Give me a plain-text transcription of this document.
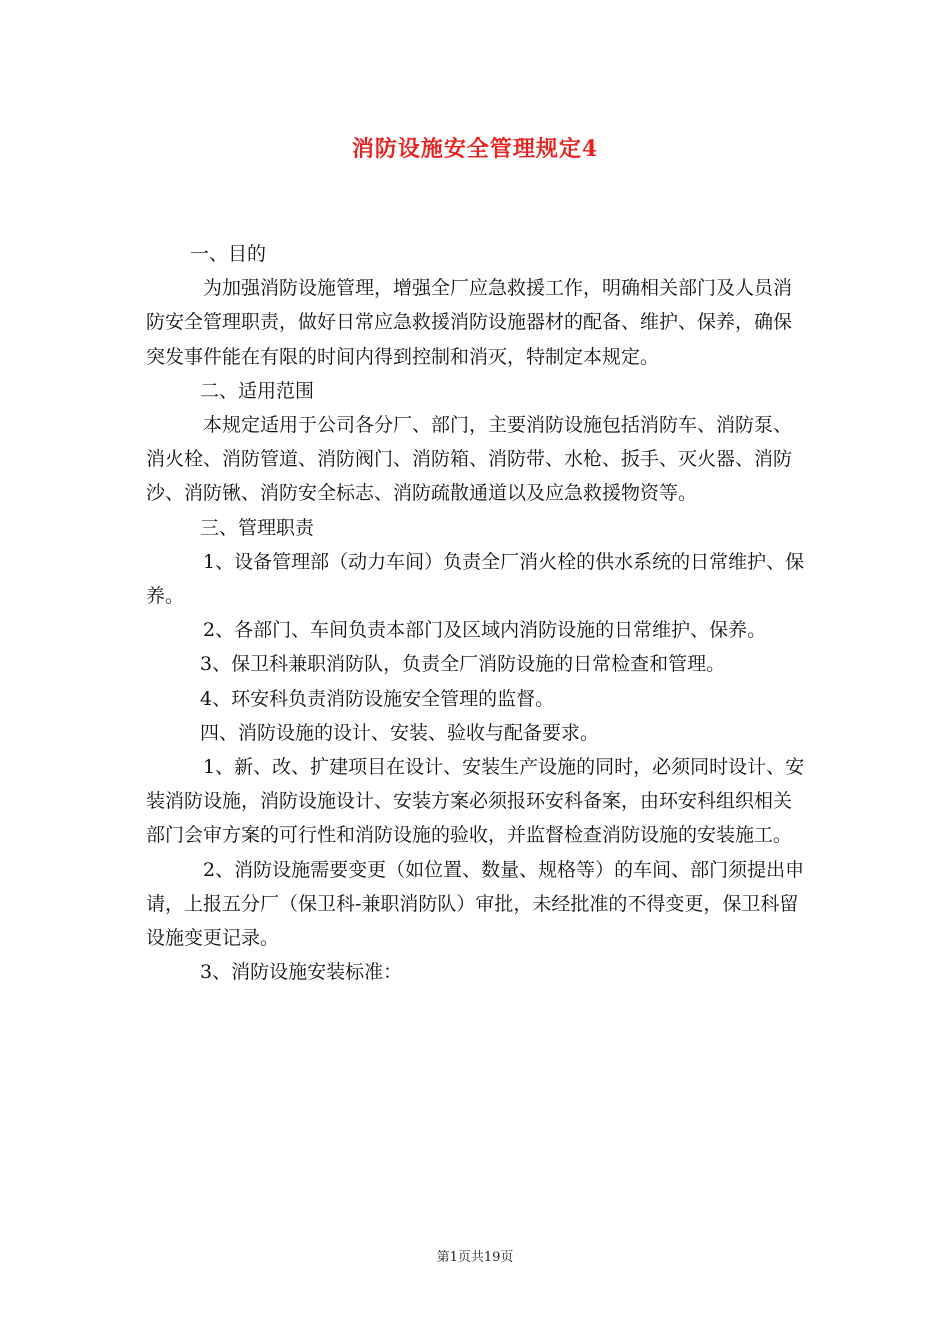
消防设施安全管理规定4

一、目的

为加强消防设施管理，增强全厂应急救援工作，明确相关部门及人员消防安全管理职责，做好日常应急救援消防设施器材的配备、维护、保养，确保突发事件能在有限的时间内得到控制和消灭，特制定本规定。

二、适用范围

本规定适用于公司各分厂、部门，主要消防设施包括消防车、消防泵、消火栓、消防管道、消防阀门、消防箱、消防带、水枪、扳手、灭火器、消防沙、消防锹、消防安全标志、消防疏散通道以及应急救援物资等。

三、管理职责

1、设备管理部（动力车间）负责全厂消火栓的供水系统的日常维护、保养。

2、各部门、车间负责本部门及区域内消防设施的日常维护、保养。

3、保卫科兼职消防队，负责全厂消防设施的日常检查和管理。

4、环安科负责消防设施安全管理的监督。

四、消防设施的设计、安装、验收与配备要求。

1、新、改、扩建项目在设计、安装生产设施的同时，必须同时设计、安装消防设施，消防设施设计、安装方案必须报环安科备案，由环安科组织相关部门会审方案的可行性和消防设施的验收，并监督检查消防设施的安装施工。

2、消防设施需要变更（如位置、数量、规格等）的车间、部门须提出申请，上报五分厂（保卫科-兼职消防队）审批，未经批准的不得变更，保卫科留设施变更记录。

3、消防设施安装标准：

第1页共19页
